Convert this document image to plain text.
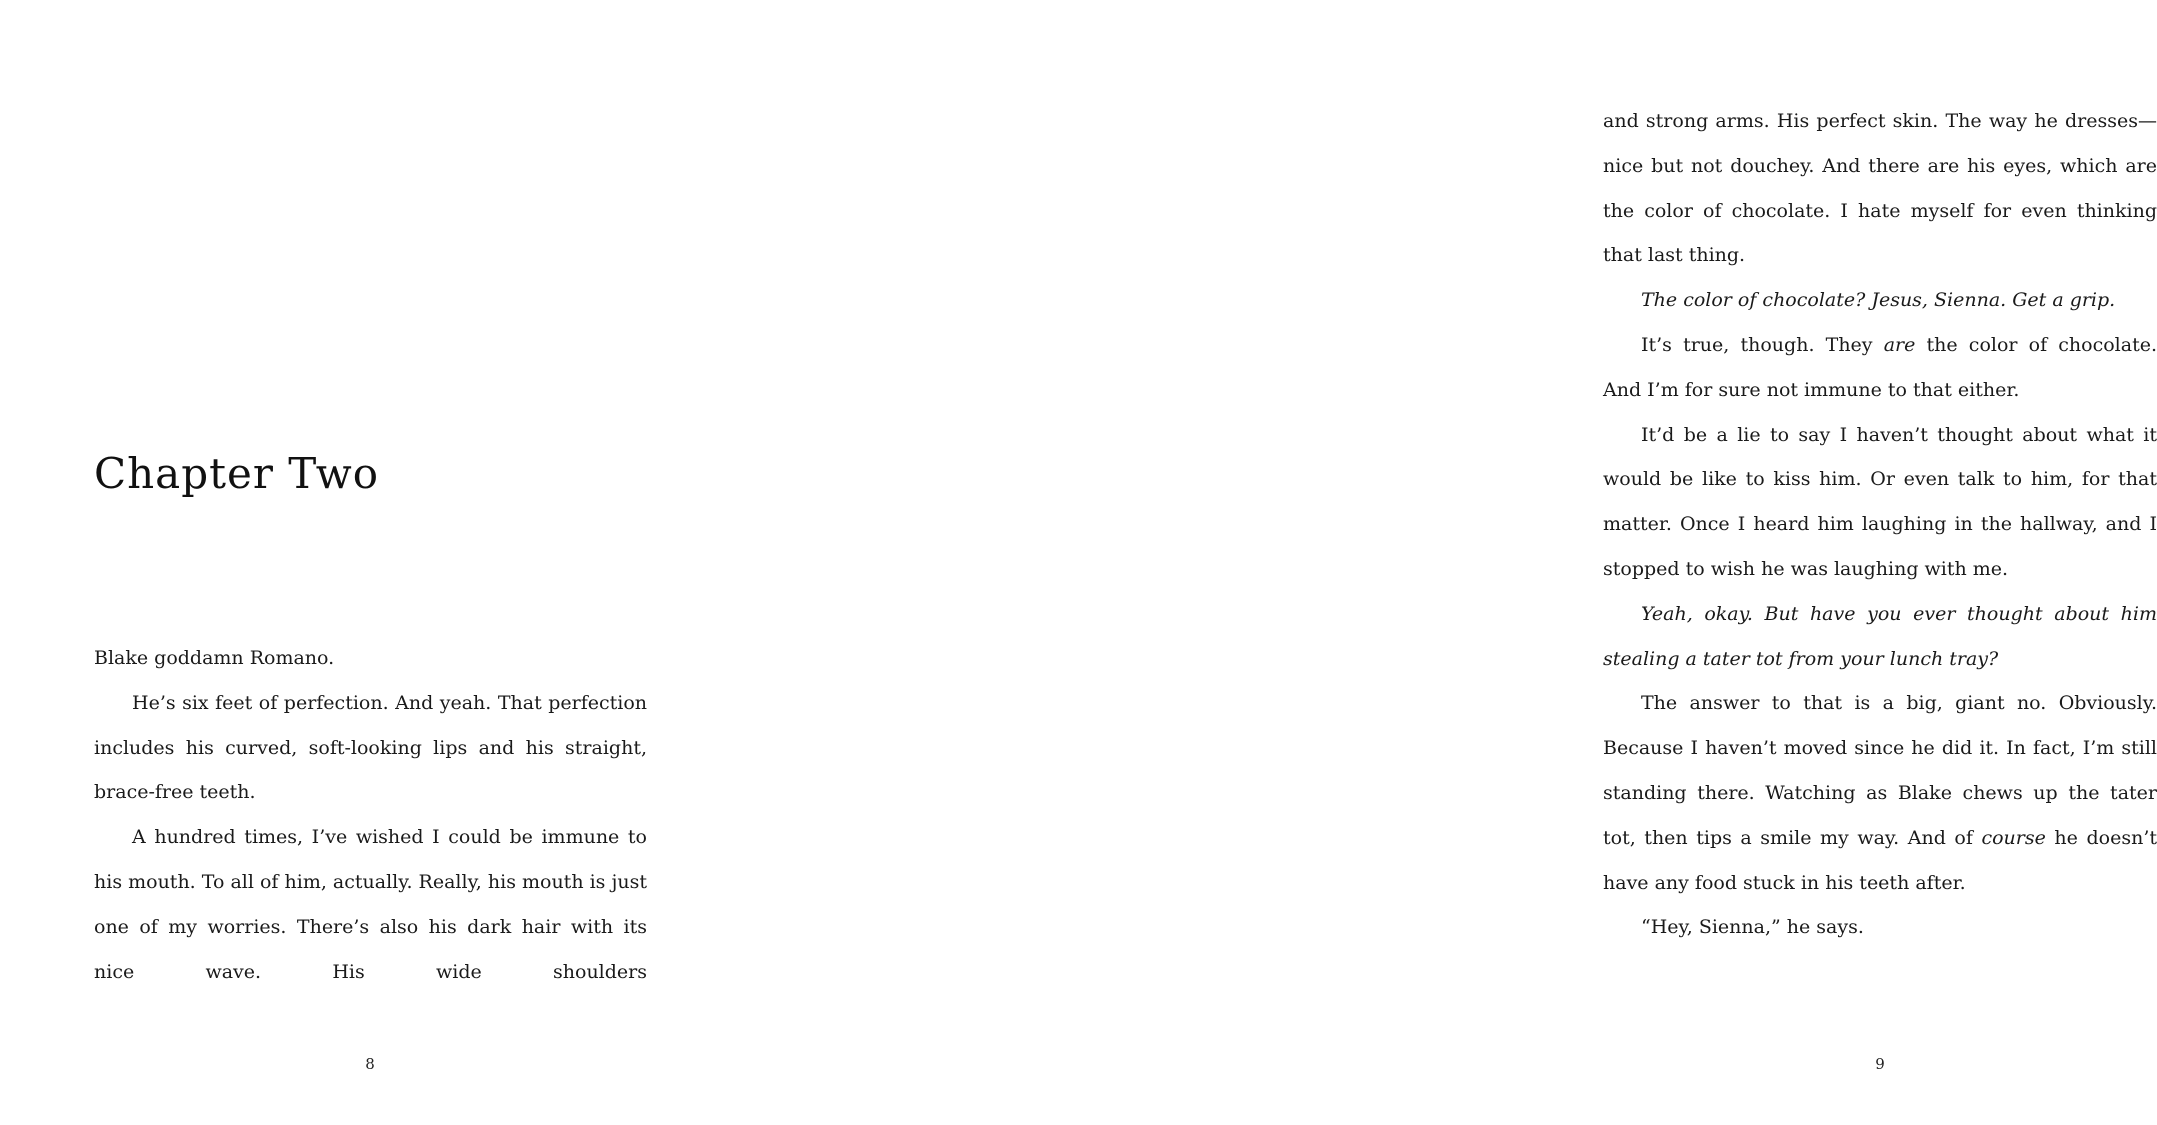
Chapter Two

Blake goddamn Romano.

He’s six feet of perfection. And yeah. That perfection includes his curved, soft-looking lips and his straight, brace-free teeth.

A hundred times, I’ve wished I could be immune to his mouth. To all of him, actually. Really, his mouth is just one of my worries. There’s also his dark hair with its nice wave. His wide shoulders

8

and strong arms. His perfect skin. The way he dresses— nice but not douchey. And there are his eyes, which are the color of chocolate. I hate myself for even thinking that last thing.

The color of chocolate? Jesus, Sienna. Get a grip.

It’s true, though. They are the color of chocolate. And I’m for sure not immune to that either.

It’d be a lie to say I haven’t thought about what it would be like to kiss him. Or even talk to him, for that matter. Once I heard him laughing in the hallway, and I stopped to wish he was laughing with me.

Yeah, okay. But have you ever thought about him stealing a tater tot from your lunch tray?

The answer to that is a big, giant no. Obviously. Because I haven’t moved since he did it. In fact, I’m still standing there. Watching as Blake chews up the tater tot, then tips a smile my way. And of course he doesn’t have any food stuck in his teeth after.

“Hey, Sienna,” he says.

9
